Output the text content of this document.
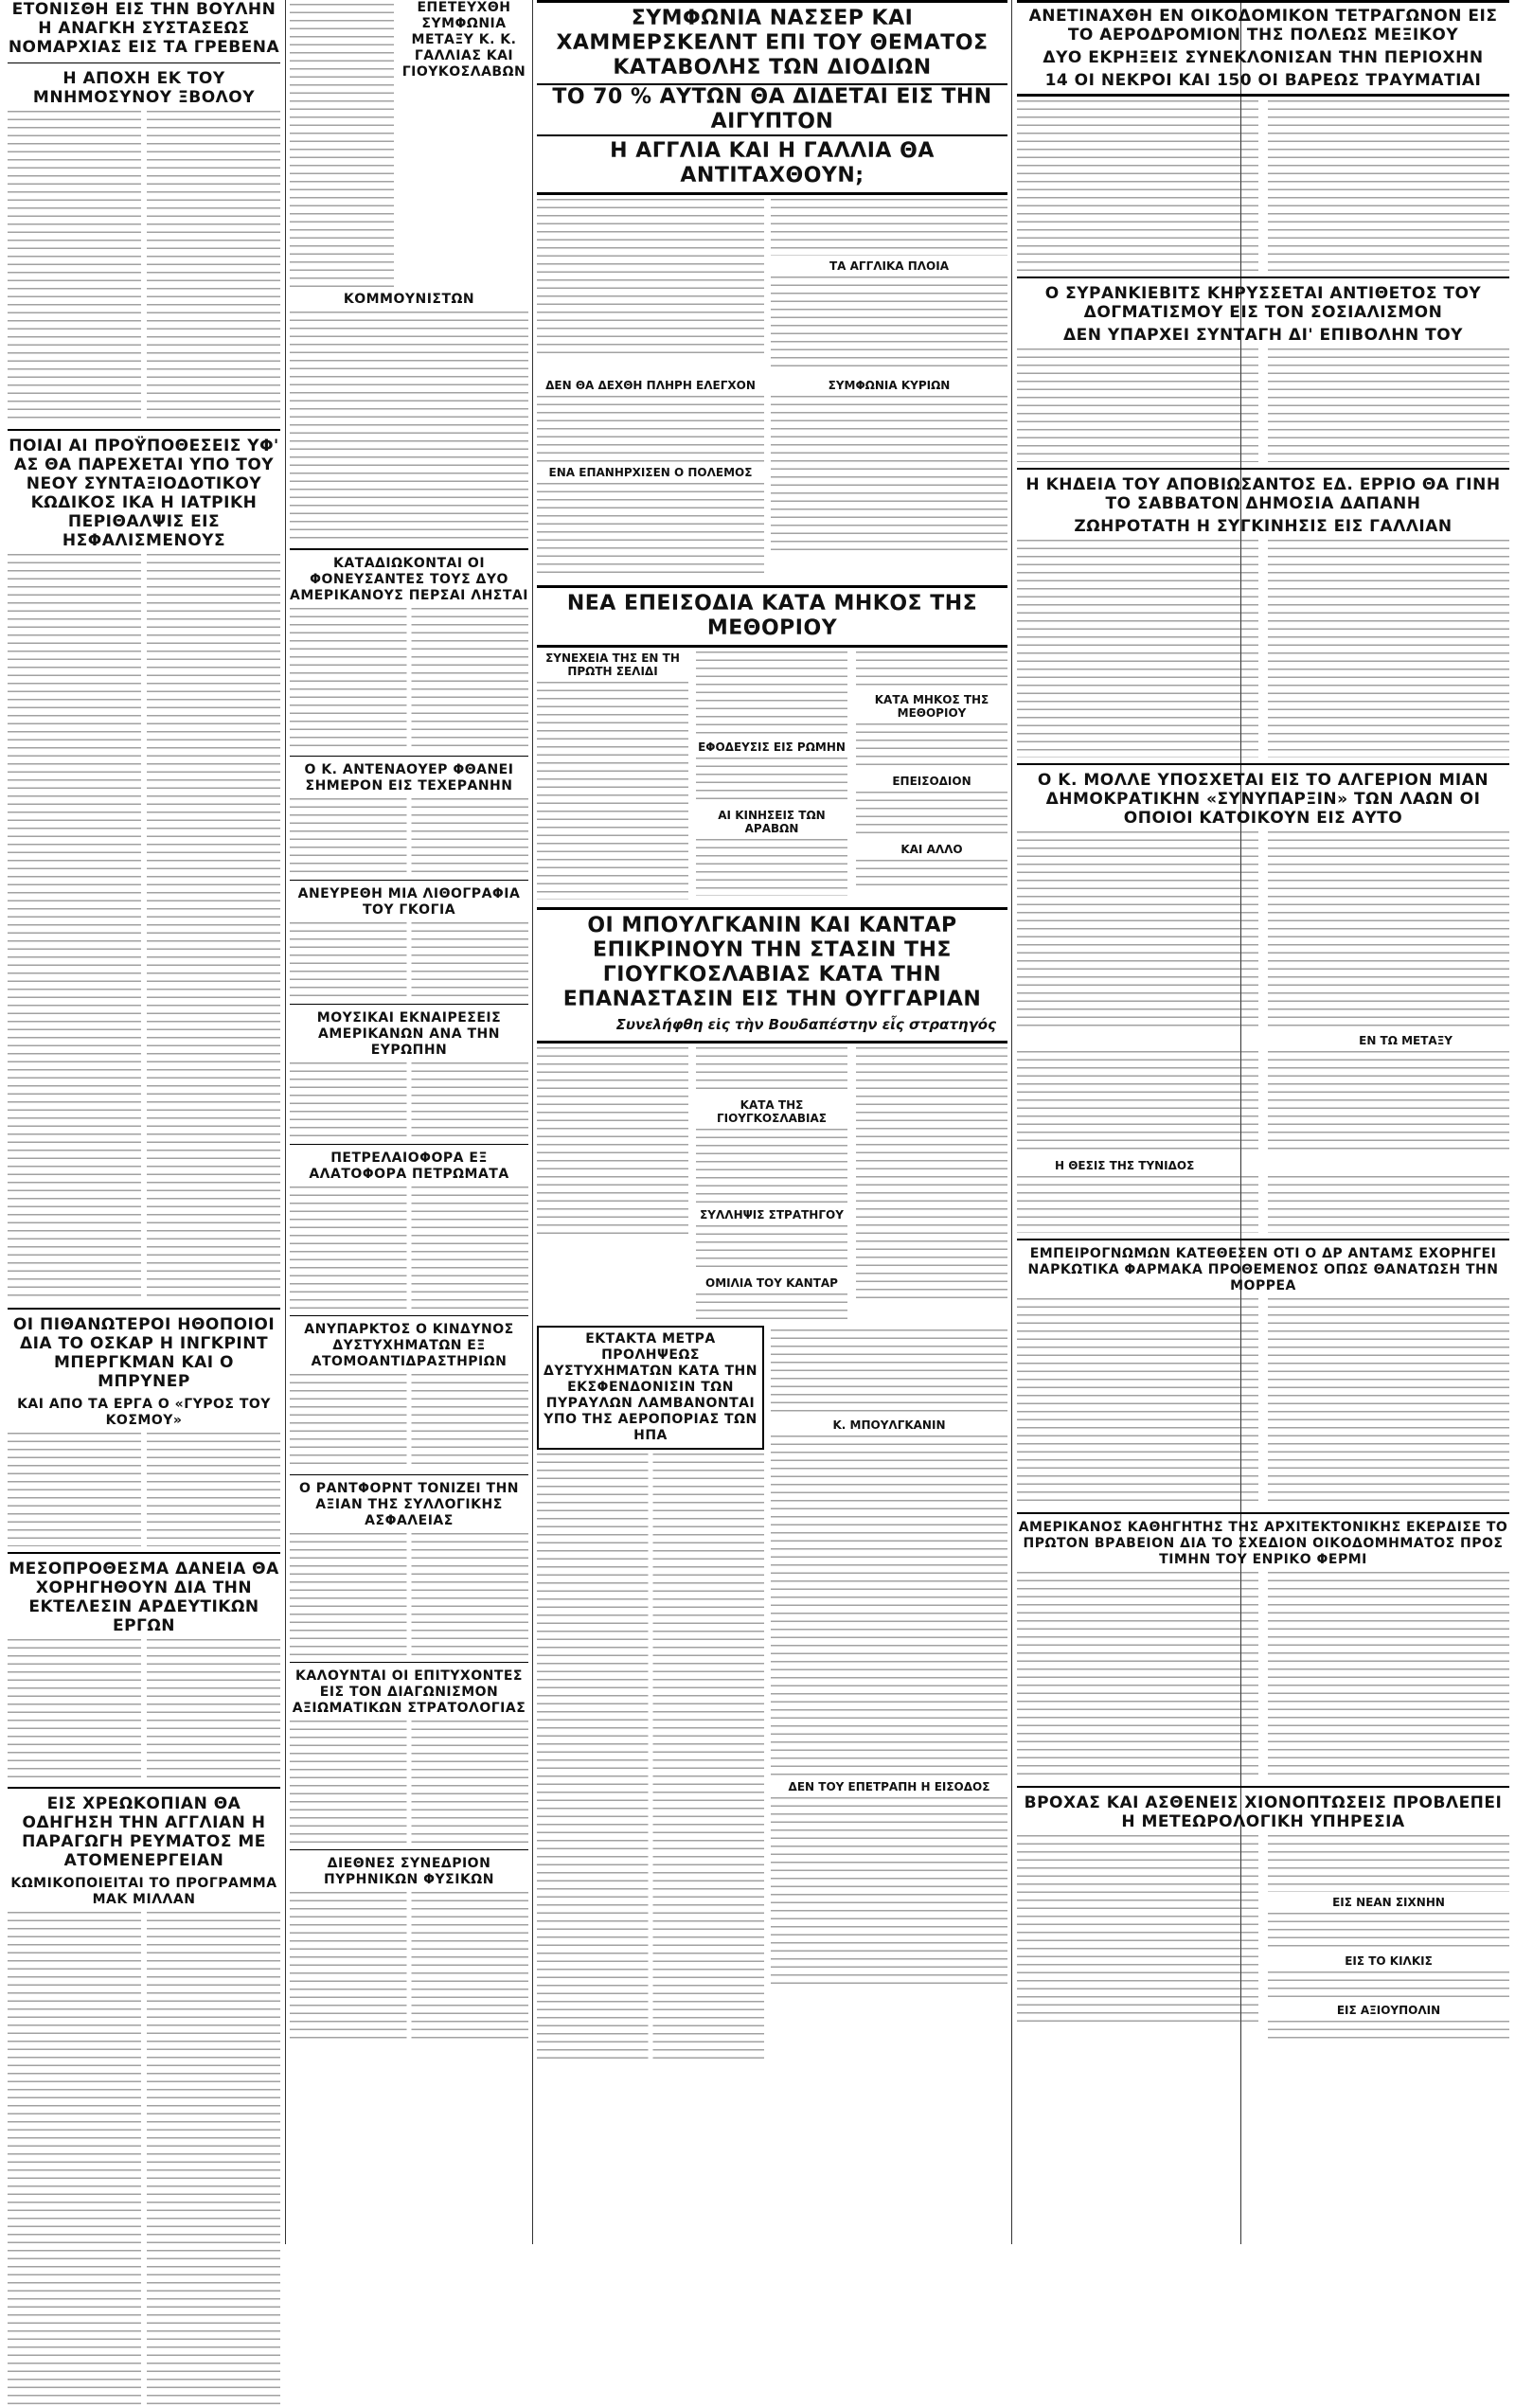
ΕΤΟΝΙΣΘΗ ΕΙΣ ΤΗΝ ΒΟΥΛΗΝ Η ΑΝΑΓΚΗ ΣΥΣΤΑΣΕΩΣ ΝΟΜΑΡΧΙΑΣ ΕΙΣ ΤΑ ΓΡΕΒΕΝΑ
Η ΑΠΟΧΗ ΕΚ ΤΟΥ ΜΝΗΜΟΣΥΝΟΥ ΞΒΟΛΟΥ
ΠΟΙΑΙ ΑΙ ΠΡΟΫΠΟΘΕΣΕΙΣ ΥΦ' ΑΣ ΘΑ ΠΑΡΕΧΕΤΑΙ ΥΠΟ ΤΟΥ ΝΕΟΥ ΣΥΝΤΑΞΙΟΔΟΤΙΚΟΥ ΚΩΔΙΚΟΣ ΙΚΑ Η ΙΑΤΡΙΚΗ ΠΕΡΙΘΑΛΨΙΣ ΕΙΣ ΗΣΦΑΛΙΣΜΕΝΟΥΣ
ΟΙ ΠΙΘΑΝΩΤΕΡΟΙ ΗΘΟΠΟΙΟΙ ΔΙΑ ΤΟ ΟΣΚΑΡ Η ΙΝΓΚΡΙΝΤ ΜΠΕΡΓΚΜΑΝ ΚΑΙ Ο ΜΠΡΥΝΕΡ
ΚΑΙ ΑΠΟ ΤΑ ΕΡΓΑ Ο «ΓΥΡΟΣ ΤΟΥ ΚΟΣΜΟΥ»
ΜΕΣΟΠΡΟΘΕΣΜΑ ΔΑΝΕΙΑ ΘΑ ΧΟΡΗΓΗΘΟΥΝ ΔΙΑ ΤΗΝ ΕΚΤΕΛΕΣΙΝ ΑΡΔΕΥΤΙΚΩΝ ΕΡΓΩΝ
ΕΙΣ ΧΡΕΩΚΟΠΙΑΝ ΘΑ ΟΔΗΓΗΣΗ ΤΗΝ ΑΓΓΛΙΑΝ Η ΠΑΡΑΓΩΓΗ ΡΕΥΜΑΤΟΣ ΜΕ ΑΤΟΜΕΝΕΡΓΕΙΑΝ
ΚΩΜΙΚΟΠΟΙΕΙΤΑΙ ΤΟ ΠΡΟΓΡΑΜΜΑ ΜΑΚ ΜΙΛΛΑΝ
ΕΠΕΤΕΥΧΘΗ ΣΥΜΦΩΝΙΑ ΜΕΤΑΞΥ Κ. Κ. ΓΑΛΛΙΑΣ ΚΑΙ ΓΙΟΥΚΟΣΛΑΒΩΝ ΚΟΜΜΟΥΝΙΣΤΩΝ
ΚΑΤΑΔΙΩΚΟΝΤΑΙ ΟΙ ΦΟΝΕΥΣΑΝΤΕΣ ΤΟΥΣ ΔΥΟ ΑΜΕΡΙΚΑΝΟΥΣ ΠΕΡΣΑΙ ΛΗΣΤΑΙ
Ο Κ. ΑΝΤΕΝΑΟΥΕΡ ΦΘΑΝΕΙ ΣΗΜΕΡΟΝ ΕΙΣ ΤΕΧΕΡΑΝΗΝ
ΑΝΕΥΡΕΘΗ ΜΙΑ ΛΙΘΟΓΡΑΦΙΑ ΤΟΥ ΓΚΟΓΙΑ
ΜΟΥΣΙΚΑΙ ΕΚΝΑΙΡΕΣΕΙΣ ΑΜΕΡΙΚΑΝΩΝ ΑΝΑ ΤΗΝ ΕΥΡΩΠΗΝ
ΠΕΤΡΕΛΑΙΟΦΟΡΑ ΕΞ ΑΛΑΤΟΦΟΡΑ ΠΕΤΡΩΜΑΤΑ
ΑΝΥΠΑΡΚΤΟΣ Ο ΚΙΝΔΥΝΟΣ ΔΥΣΤΥΧΗΜΑΤΩΝ ΕΞ ΑΤΟΜΟΑΝΤΙΔΡΑΣΤΗΡΙΩΝ
Ο ΡΑΝΤΦΟΡΝΤ ΤΟΝΙΖΕΙ ΤΗΝ ΑΞΙΑΝ ΤΗΣ ΣΥΛΛΟΓΙΚΗΣ ΑΣΦΑΛΕΙΑΣ
ΚΑΛΟΥΝΤΑΙ ΟΙ ΕΠΙΤΥΧΟΝΤΕΣ ΕΙΣ ΤΟΝ ΔΙΑΓΩΝΙΣΜΟΝ ΑΞΙΩΜΑΤΙΚΩΝ ΣΤΡΑΤΟΛΟΓΙΑΣ
ΔΙΕΘΝΕΣ ΣΥΝΕΔΡΙΟΝ ΠΥΡΗΝΙΚΩΝ ΦΥΣΙΚΩΝ
ΣΥΜΦΩΝΙΑ ΝΑΣΣΕΡ ΚΑΙ ΧΑΜΜΕΡΣΚΕΛΝΤ ΕΠΙ ΤΟΥ ΘΕΜΑΤΟΣ ΚΑΤΑΒΟΛΗΣ ΤΩΝ ΔΙΟΔΙΩΝ
ΤΟ 70 % ΑΥΤΩΝ ΘΑ ΔΙΔΕΤΑΙ ΕΙΣ ΤΗΝ ΑΙΓΥΠΤΟΝ
Η ΑΓΓΛΙΑ ΚΑΙ Η ΓΑΛΛΙΑ ΘΑ ΑΝΤΙΤΑΧΘΟΥΝ;
ΤΑ ΑΓΓΛΙΚΑ ΠΛΟΙΑ
ΔΕΝ ΘΑ ΔΕΧΘΗ ΠΛΗΡΗ ΕΛΕΓΧΟΝ
ΕΝΑ ΕΠΑΝΗΡΧΙΣΕΝ Ο ΠΟΛΕΜΟΣ
ΣΥΜΦΩΝΙΑ ΚΥΡΙΩΝ
ΝΕΑ ΕΠΕΙΣΟΔΙΑ ΚΑΤΑ ΜΗΚΟΣ ΤΗΣ ΜΕΘΟΡΙΟΥ
ΣΥΝΕΧΕΙΑ ΤΗΣ ΕΝ ΤΗ ΠΡΩΤΗ ΣΕΛΙΔΙ
ΕΦΟΔΕΥΣΙΣ ΕΙΣ ΡΩΜΗΝ
ΑΙ ΚΙΝΗΣΕΙΣ ΤΩΝ ΑΡΑΒΩΝ
ΚΑΤΑ ΜΗΚΟΣ ΤΗΣ ΜΕΘΟΡΙΟΥ
ΕΠΕΙΣΟΔΙΟΝ
ΚΑΙ ΑΛΛΟ
ΟΙ ΜΠΟΥΛΓΚΑΝΙΝ ΚΑΙ ΚΑΝΤΑΡ ΕΠΙΚΡΙΝΟΥΝ ΤΗΝ ΣΤΑΣΙΝ ΤΗΣ ΓΙΟΥΓΚΟΣΛΑΒΙΑΣ ΚΑΤΑ ΤΗΝ ΕΠΑΝΑΣΤΑΣΙΝ ΕΙΣ ΤΗΝ ΟΥΓΓΑΡΙΑΝ
Συνελήφθη εἰς τὴν Βουδαπέστην εἷς στρατηγός
ΚΑΤΑ ΤΗΣ ΓΙΟΥΓΚΟΣΛΑΒΙΑΣ
ΣΥΛΛΗΨΙΣ ΣΤΡΑΤΗΓΟΥ
ΟΜΙΛΙΑ ΤΟΥ ΚΑΝΤΑΡ
ΕΚΤΑΚΤΑ ΜΕΤΡΑ ΠΡΟΛΗΨΕΩΣ ΔΥΣΤΥΧΗΜΑΤΩΝ ΚΑΤΑ ΤΗΝ ΕΚΣΦΕΝΔΟΝΙΣΙΝ ΤΩΝ ΠΥΡΑΥΛΩΝ ΛΑΜΒΑΝΟΝΤΑΙ ΥΠΟ ΤΗΣ ΑΕΡΟΠΟΡΙΑΣ ΤΩΝ ΗΠΑ
Κ. ΜΠΟΥΛΓΚΑΝΙΝ
ΔΕΝ ΤΟΥ ΕΠΕΤΡΑΠΗ Η ΕΙΣΟΔΟΣ
ΑΝΕΤΙΝΑΧΘΗ ΕΝ ΟΙΚΟΔΟΜΙΚΟΝ ΤΕΤΡΑΓΩΝΟΝ ΕΙΣ ΤΟ ΑΕΡΟΔΡΟΜΙΟΝ ΤΗΣ ΠΟΛΕΩΣ ΜΕΞΙΚΟΥ
ΔΥΟ ΕΚΡΗΞΕΙΣ ΣΥΝΕΚΛΟΝΙΣΑΝ ΤΗΝ ΠΕΡΙΟΧΗΝ
14 ΟΙ ΝΕΚΡΟΙ ΚΑΙ 150 ΟΙ ΒΑΡΕΩΣ ΤΡΑΥΜΑΤΙΑΙ
Ο ΣΥΡΑΝΚΙΕΒΙΤΣ ΚΗΡΥΣΣΕΤΑΙ ΑΝΤΙΘΕΤΟΣ ΤΟΥ ΔΟΓΜΑΤΙΣΜΟΥ ΕΙΣ ΤΟΝ ΣΟΣΙΑΛΙΣΜΟΝ
ΔΕΝ ΥΠΑΡΧΕΙ ΣΥΝΤΑΓΗ ΔΙ' ΕΠΙΒΟΛΗΝ ΤΟΥ
Η ΚΗΔΕΙΑ ΤΟΥ ΑΠΟΒΙΩΣΑΝΤΟΣ ΕΔ. ΕΡΡΙΟ ΘΑ ΓΙΝΗ ΤΟ ΣΑΒΒΑΤΟΝ ΔΗΜΟΣΙΑ ΔΑΠΑΝΗ
ΖΩΗΡΟΤΑΤΗ Η ΣΥΓΚΙΝΗΣΙΣ ΕΙΣ ΓΑΛΛΙΑΝ
Ο Κ. ΜΟΛΛΕ ΥΠΟΣΧΕΤΑΙ ΕΙΣ ΤΟ ΑΛΓΕΡΙΟΝ ΜΙΑΝ ΔΗΜΟΚΡΑΤΙΚΗΝ «ΣΥΝΥΠΑΡΞΙΝ» ΤΩΝ ΛΑΩΝ ΟΙ ΟΠΟΙΟΙ ΚΑΤΟΙΚΟΥΝ ΕΙΣ ΑΥΤΟ
ΕΝ ΤΩ ΜΕΤΑΞΥ
Η ΘΕΣΙΣ ΤΗΣ ΤΥΝΙΔΟΣ
ΕΜΠΕΙΡΟΓΝΩΜΩΝ ΚΑΤΕΘΕΣΕΝ ΟΤΙ Ο ΔΡ ΑΝΤΑΜΣ ΕΧΟΡΗΓΕΙ ΝΑΡΚΩΤΙΚΑ ΦΑΡΜΑΚΑ ΠΡΟΘΕΜΕΝΟΣ ΟΠΩΣ ΘΑΝΑΤΩΣΗ ΤΗΝ ΜΟΡΡΕΑ
ΑΜΕΡΙΚΑΝΟΣ ΚΑΘΗΓΗΤΗΣ ΤΗΣ ΑΡΧΙΤΕΚΤΟΝΙΚΗΣ ΕΚΕΡΔΙΣΕ ΤΟ ΠΡΩΤΟΝ ΒΡΑΒΕΙΟΝ ΔΙΑ ΤΟ ΣΧΕΔΙΟΝ ΟΙΚΟΔΟΜΗΜΑΤΟΣ ΠΡΟΣ ΤΙΜΗΝ ΤΟΥ ΕΝΡΙΚΟ ΦΕΡΜΙ
ΒΡΟΧΑΣ ΚΑΙ ΑΣΘΕΝΕΙΣ ΧΙΟΝΟΠΤΩΣΕΙΣ ΠΡΟΒΛΕΠΕΙ Η ΜΕΤΕΩΡΟΛΟΓΙΚΗ ΥΠΗΡΕΣΙΑ
ΕΙΣ ΝΕΑΝ ΣΙΧΝΗΝ
ΕΙΣ ΤΟ ΚΙΛΚΙΣ
ΕΙΣ ΑΞΙΟΥΠΟΛΙΝ
